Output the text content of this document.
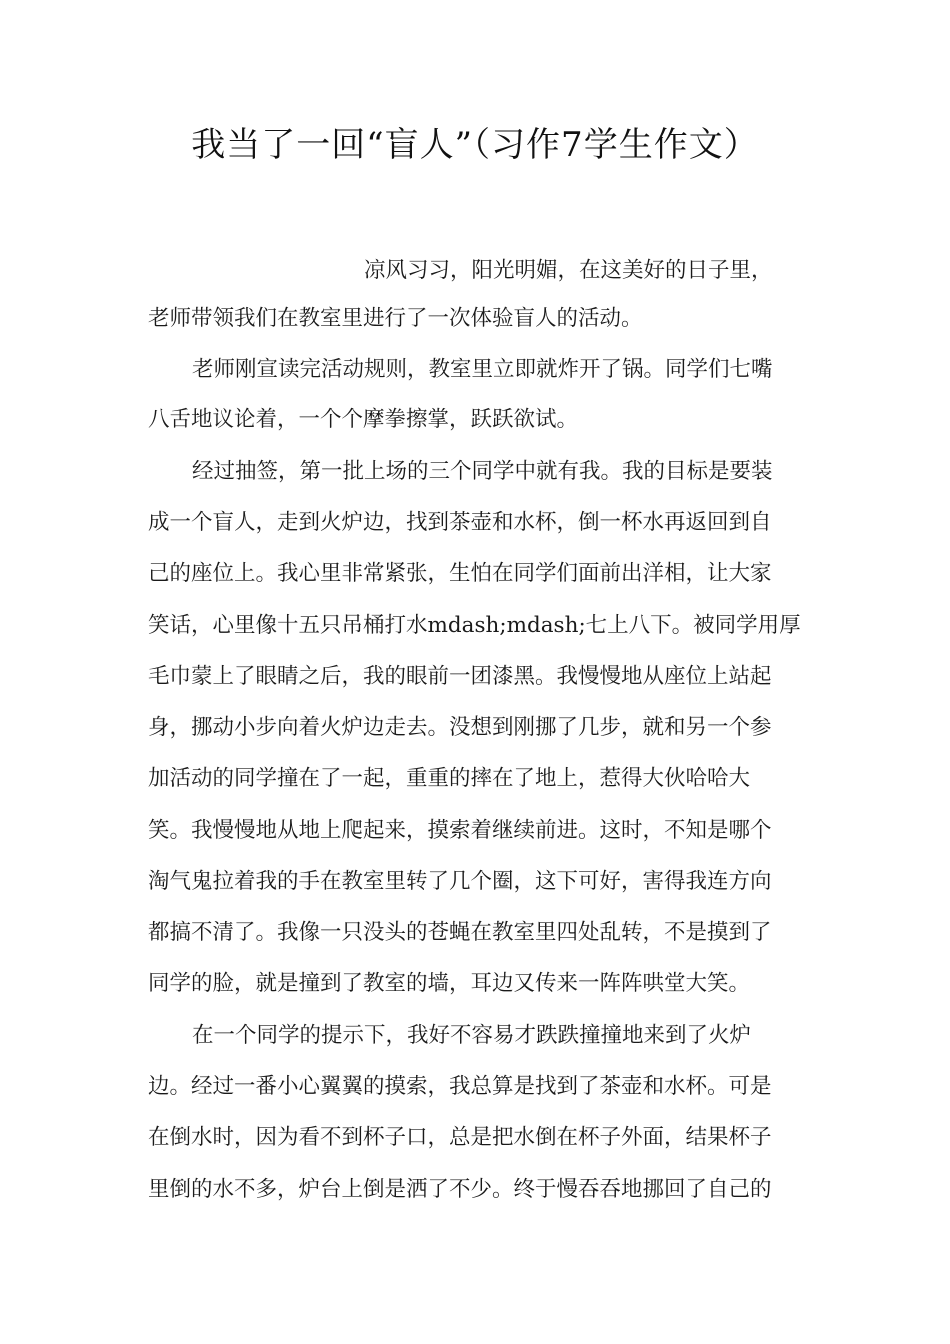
我当了一回“盲人”（习作7学生作文）
凉风习习，阳光明媚，在这美好的日子里，
老师带领我们在教室里进行了一次体验盲人的活动。
老师刚宣读完活动规则，教室里立即就炸开了锅。同学们七嘴
八舌地议论着，一个个摩拳擦掌，跃跃欲试。
经过抽签，第一批上场的三个同学中就有我。我的目标是要装
成一个盲人，走到火炉边，找到茶壶和水杯，倒一杯水再返回到自
己的座位上。我心里非常紧张，生怕在同学们面前出洋相，让大家
笑话，心里像十五只吊桶打水mdash;mdash;七上八下。被同学用厚
毛巾蒙上了眼睛之后，我的眼前一团漆黑。我慢慢地从座位上站起
身，挪动小步向着火炉边走去。没想到刚挪了几步，就和另一个参
加活动的同学撞在了一起，重重的摔在了地上，惹得大伙哈哈大
笑。我慢慢地从地上爬起来，摸索着继续前进。这时，不知是哪个
淘气鬼拉着我的手在教室里转了几个圈，这下可好，害得我连方向
都搞不清了。我像一只没头的苍蝇在教室里四处乱转，不是摸到了
同学的脸，就是撞到了教室的墙，耳边又传来一阵阵哄堂大笑。
在一个同学的提示下，我好不容易才跌跌撞撞地来到了火炉
边。经过一番小心翼翼的摸索，我总算是找到了茶壶和水杯。可是
在倒水时，因为看不到杯子口，总是把水倒在杯子外面，结果杯子
里倒的水不多，炉台上倒是洒了不少。终于慢吞吞地挪回了自己的
